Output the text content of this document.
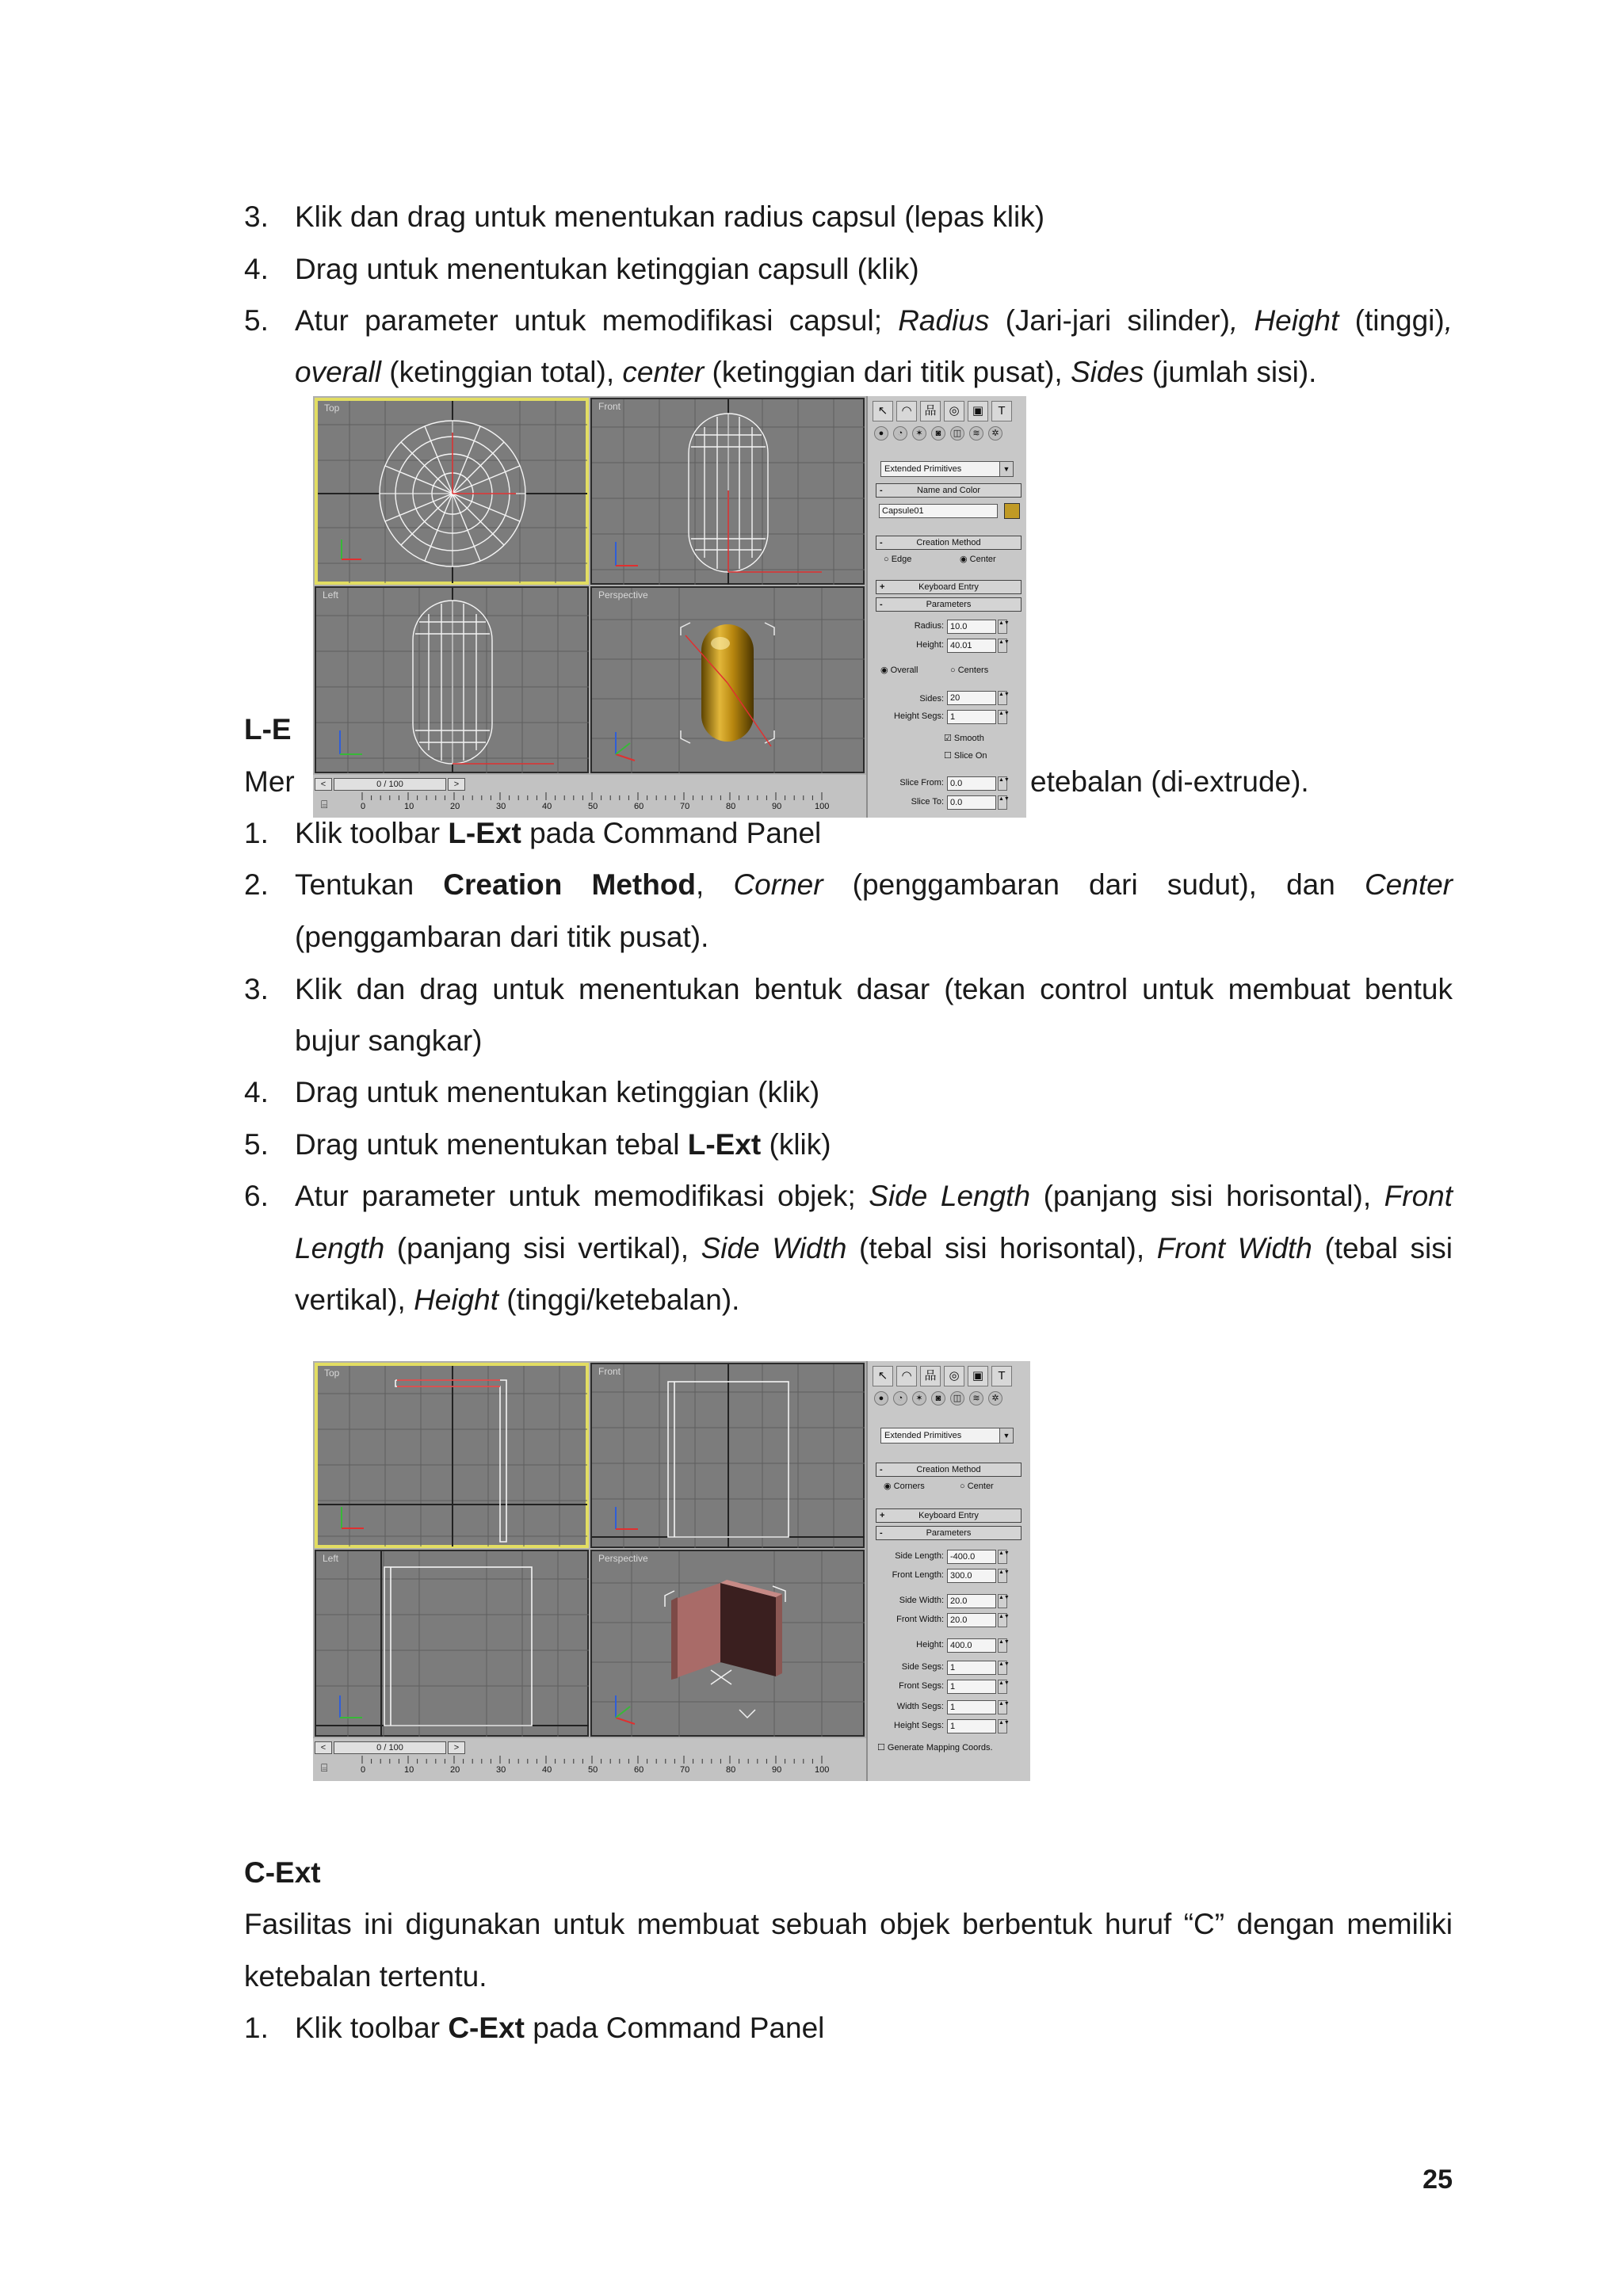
3. Klik dan drag untuk menentukan radius capsul (lepas klik)
4. Drag untuk menentukan ketinggian capsull (klik)
5. Atur parameter untuk memodifikasi capsul; Radius (Jari-jari silinder), Height (tinggi),
overall (ketinggian total), center (ketinggian dari titik pusat), Sides (jumlah sisi).
L-E
Mer	etebalan (di-extrude).
Top	Front
Left	Perspective
↖	◠	品	◎	▣	T
●	◔	✶	◙	◫	≋	✲
Extended Primitives	▼
-	Name and Color
Capsule01
-	Creation Method
○ Edge	◉ Center
+	Keyboard Entry
-	Parameters
Radius: 10.0	▲▼
Height: 40.01	▲▼
◉ Overall	○ Centers
Sides: 20	▲▼
Height Segs: 1	▲▼
☑ Smooth
☐ Slice On
Slice From: 0.0	▲▼
Slice To: 0.0	▲▼
<	0 / 100	>
⌸	0	10	20	30	40	50	60	70	80	90	100
1. Klik toolbar L-Ext pada Command Panel
2. Tentukan Creation Method, Corner (penggambaran dari sudut), dan Center
(penggambaran dari titik pusat).
3. Klik dan drag untuk menentukan bentuk dasar (tekan control untuk membuat bentuk
bujur sangkar)
4. Drag untuk menentukan ketinggian (klik)
5. Drag untuk menentukan tebal L-Ext (klik)
6. Atur parameter untuk memodifikasi objek; Side Length (panjang sisi horisontal), Front
Length (panjang sisi vertikal), Side Width (tebal sisi horisontal), Front Width (tebal sisi
vertikal), Height (tinggi/ketebalan).
Top	Front
Left	Perspective
↖	◠	品	◎	▣	T
●	◔	✶	◙	◫	≋	✲
Extended Primitives	▼
-	Creation Method
◉ Corners	○ Center
+	Keyboard Entry
-	Parameters
Side Length: -400.0	▲▼
Front Length: 300.0	▲▼
Side Width: 20.0	▲▼
Front Width: 20.0	▲▼
Height: 400.0	▲▼
Side Segs: 1	▲▼
Front Segs: 1	▲▼
Width Segs: 1	▲▼
Height Segs: 1	▲▼
☐ Generate Mapping Coords.
<	0 / 100	>
⌸	0	10	20	30	40	50	60	70	80	90	100
C-Ext
Fasilitas ini digunakan untuk membuat sebuah objek berbentuk huruf “C” dengan memiliki
ketebalan tertentu.
1. Klik toolbar C-Ext pada Command Panel
25
